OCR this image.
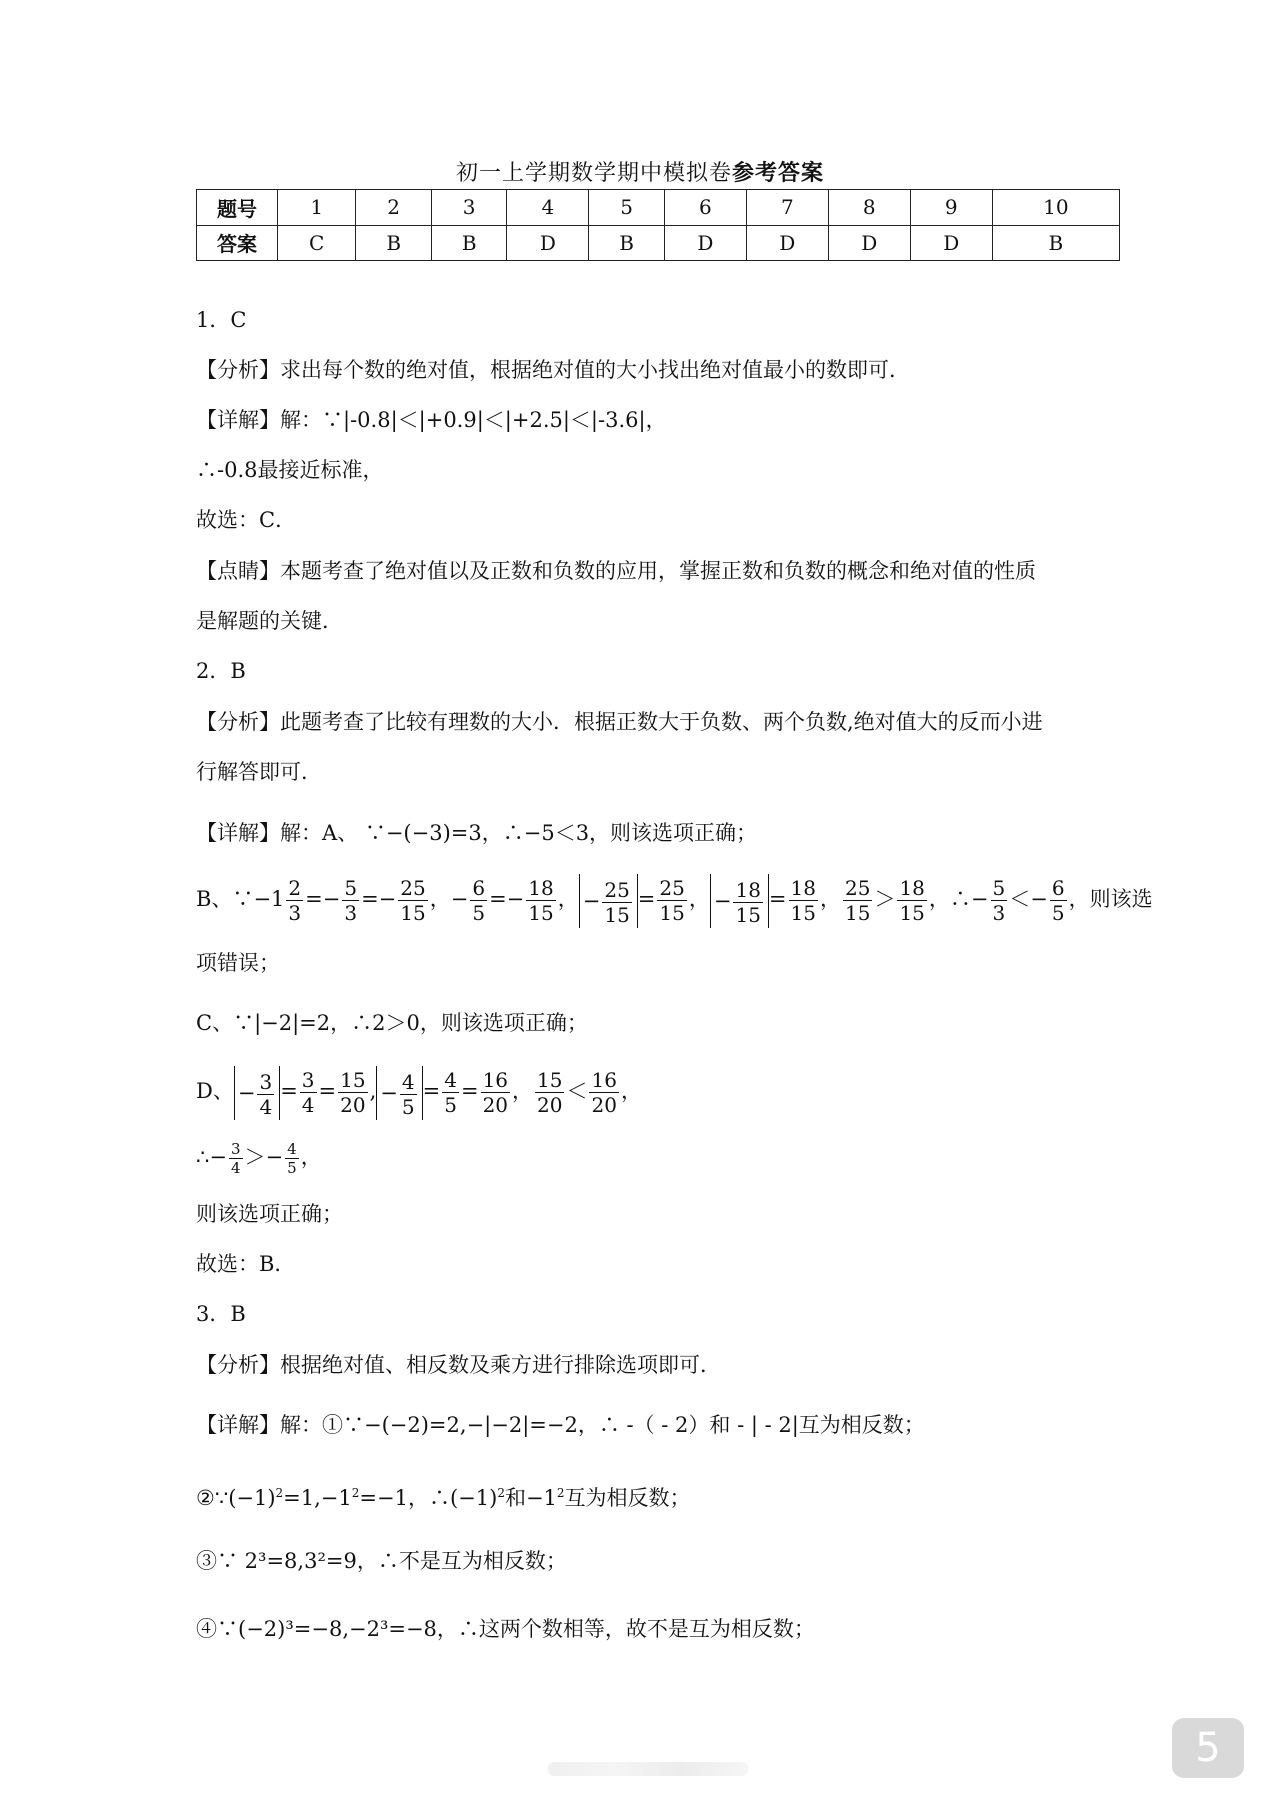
初一上学期数学期中模拟卷参考答案
题号	1	2	3	4	5	6	7	8	9	10
答案	C	B	B	D	B	D	D	D	D	B
1．C
【分析】求出每个数的绝对值，根据绝对值的大小找出绝对值最小的数即可．
【详解】解：∵|-0.8|＜|+0.9|＜|+2.5|＜|-3.6|，
∴-0.8最接近标准，
故选：C．
【点睛】本题考查了绝对值以及正数和负数的应用，掌握正数和负数的概念和绝对值的性质
是解题的关键．
2．B
【分析】此题考查了比较有理数的大小．根据正数大于负数、两个负数,绝对值大的反而小进
行解答即可．
【详解】解：A、 ∵−(−3)=3，∴−5＜3，则该选项正确；
B、∵−1 $\frac{2}{3} =- \frac{5}{3} =- \frac{25}{15}$ ，− $\frac{6}{5} =- \frac{18}{15}$ ， − $\frac{25}{15} = \frac{25}{15}$ ， − $\frac{18}{15} = \frac{18}{15}$ ， $\frac{25}{15} > \frac{18}{15}$ ，∴− $\frac{5}{3} <- \frac{6}{5}$ ，则该选
项错误；
C、∵|−2|=2，∴2＞0，则该选项正确；
D、 − $\frac{3}{4} = \frac{3}{4} = \frac{15}{20}$ , − $\frac{4}{5} = \frac{4}{5} = \frac{16}{20}$ ， $\frac{15}{20} < \frac{16}{20}$ ，
∴− $\frac{3}{4} >- \frac{4}{5}$ ，
则该选项正确；
故选：B．
3．B
【分析】根据绝对值、相反数及乘方进行排除选项即可．
【详解】解：①∵−(−2)=2,−|−2|=−2，∴ -（ - 2）和 - | - 2|互为相反数；
$②\because(-1)^2=1,-1^2=-1$，$\therefore(-1)^2$和$-1^2$互为相反数；
③∵ 2³=8,3²=9，∴不是互为相反数；
④∵(−2)³=−8,−2³=−8，∴这两个数相等，故不是互为相反数；
5
